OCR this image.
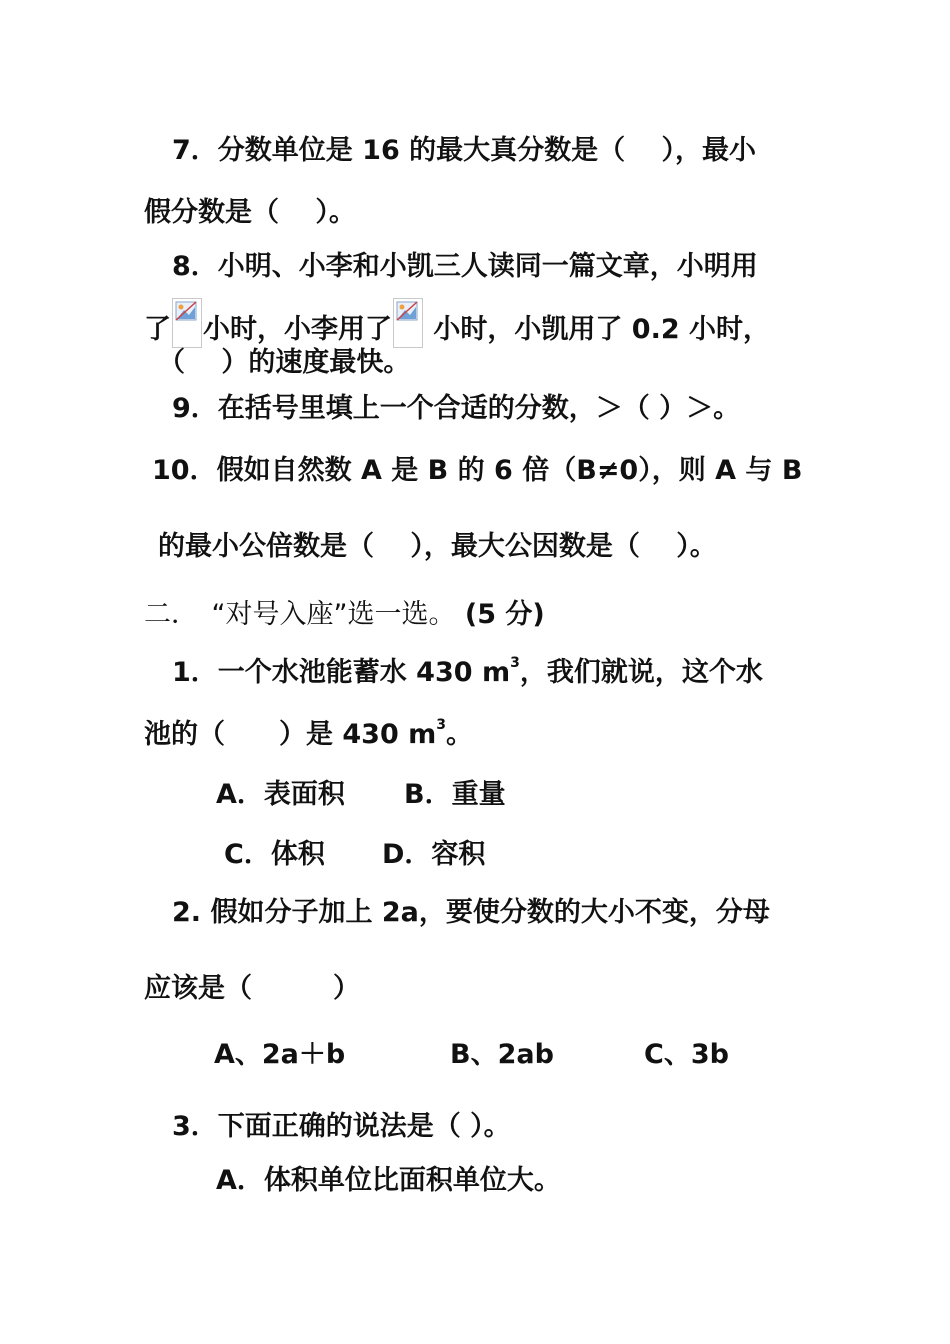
7．分数单位是 16 的最大真分数是（　 ），最小
假分数是（　 ）。
8．小明、小李和小凯三人读同一篇文章，小明用
了 小时，小李用了
小时，小凯用了 0.2 小时，
（　 ）的速度最快。
9．在括号里填上一个合适的分数，＞（ ）＞。
10．假如自然数 A 是 B 的 6 倍（B≠0），则 A 与 B
的最小公倍数是（　 ），最大公因数是（　 ）。
二．　“对号入座”选一选。 (5 分)
1．一个水池能蓄水 430 $m^3$，我们就说，这个水
池的（　　）是 430 $m^3$。
A．表面积 B．重量
C．体积 D．容积
2. 假如分子加上 2a，要使分数的大小不变，分母
应该是（　　　）
A、2a＋b	B、2ab	C、3b
3．下面正确的说法是（ ）。
A．体积单位比面积单位大。
